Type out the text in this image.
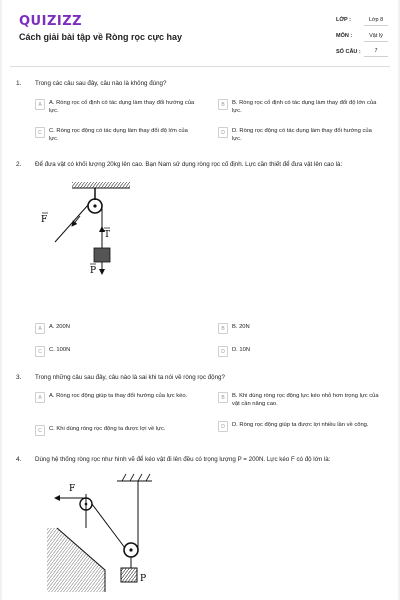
QUIZIZZ
Cách giải bài tập về Ròng rọc cực hay
LỚP :	Lớp 8
MÔN :	Vật lý
SỐ CÂU :	7
1. Trong các câu sau đây, câu nào là không đúng?
A	A. Ròng rọc cố định có tác dụng làm thay đổi hướng của lực.
B	B. Ròng rọc cố định có tác dụng làm thay đổi độ lớn của lực.
C	C. Ròng rọc động có tác dụng làm thay đổi độ lớn của lực.
D	D. Ròng rọc động có tác dụng làm thay đổi hướng của lực.
2. Để đưa vật có khối lượng 20kg lên cao. Bạn Nam sử dụng ròng rọc cố định. Lực cần thiết để đưa vật lên cao là:
F
T
P
A	A. 200N	B	B. 20N
C	C. 100N	D	D. 10N
3. Trong những câu sau đây, câu nào là sai khi ta nói về ròng rọc động?
A	A. Ròng rọc động giúp ta thay đổi hướng của lực kéo.	B	B. Khi dùng ròng rọc động lực kéo nhỏ hơn trọng lực của vật cần nâng cao.
C	C. Khi dùng ròng rọc động ta được lợi về lực.	D	D. Ròng rọc động giúp ta được lợi nhiều lần về công.
4. Dùng hệ thống ròng rọc như hình vẽ để kéo vật đi lên đều có trọng lượng P = 200N. Lực kéo F có độ lớn là:
F
P
